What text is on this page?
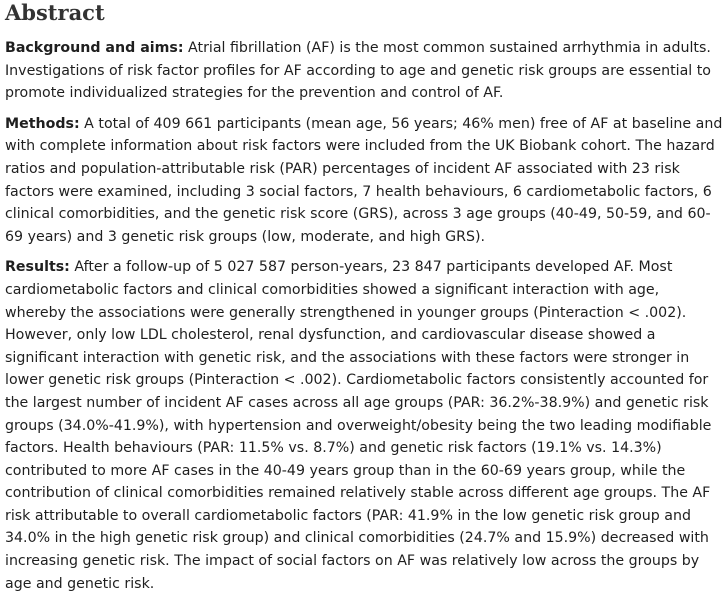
Abstract

Background and aims: Atrial fibrillation (AF) is the most common sustained arrhythmia in adults. Investigations of risk factor profiles for AF according to age and genetic risk groups are essential to promote individualized strategies for the prevention and control of AF.

Methods: A total of 409 661 participants (mean age, 56 years; 46% men) free of AF at baseline and with complete information about risk factors were included from the UK Biobank cohort. The hazard ratios and population-attributable risk (PAR) percentages of incident AF associated with 23 risk factors were examined, including 3 social factors, 7 health behaviours, 6 cardiometabolic factors, 6 clinical comorbidities, and the genetic risk score (GRS), across 3 age groups (40-49, 50-59, and 60-69 years) and 3 genetic risk groups (low, moderate, and high GRS).

Results: After a follow-up of 5 027 587 person-years, 23 847 participants developed AF. Most cardiometabolic factors and clinical comorbidities showed a significant interaction with age, whereby the associations were generally strengthened in younger groups (Pinteraction < .002). However, only low LDL cholesterol, renal dysfunction, and cardiovascular disease showed a significant interaction with genetic risk, and the associations with these factors were stronger in lower genetic risk groups (Pinteraction < .002). Cardiometabolic factors consistently accounted for the largest number of incident AF cases across all age groups (PAR: 36.2%-38.9%) and genetic risk groups (34.0%-41.9%), with hypertension and overweight/obesity being the two leading modifiable factors. Health behaviours (PAR: 11.5% vs. 8.7%) and genetic risk factors (19.1% vs. 14.3%) contributed to more AF cases in the 40-49 years group than in the 60-69 years group, while the contribution of clinical comorbidities remained relatively stable across different age groups. The AF risk attributable to overall cardiometabolic factors (PAR: 41.9% in the low genetic risk group and 34.0% in the high genetic risk group) and clinical comorbidities (24.7% and 15.9%) decreased with increasing genetic risk. The impact of social factors on AF was relatively low across the groups by age and genetic risk.
